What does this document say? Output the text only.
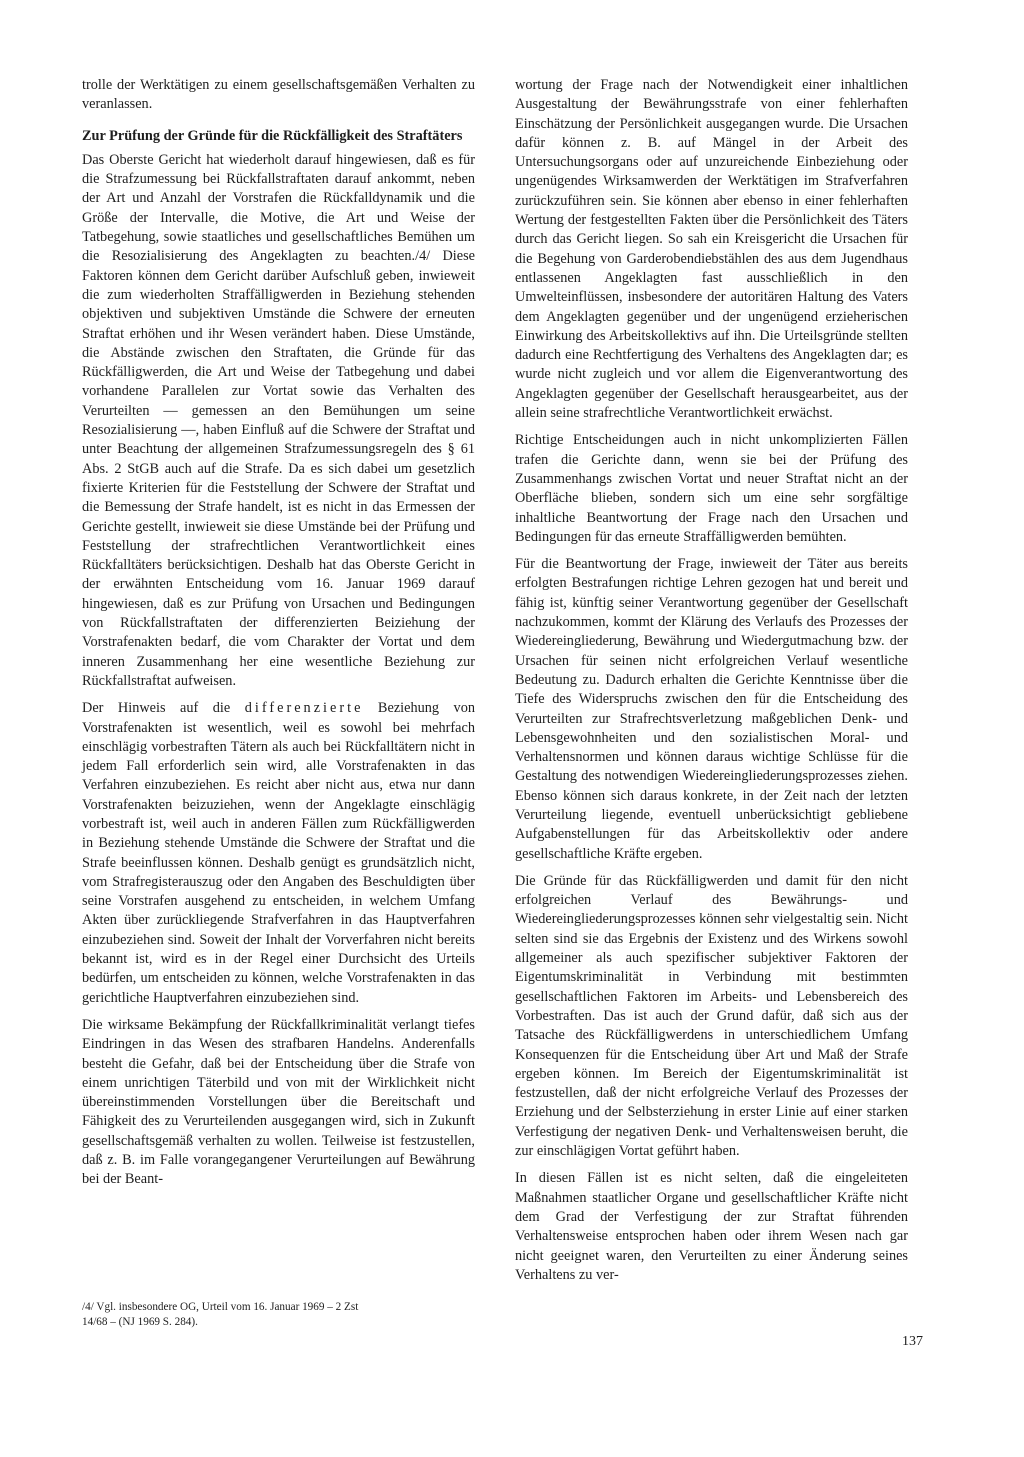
trolle der Werktätigen zu einem gesellschaftsgemäßen Verhalten zu veranlassen.

Zur Prüfung der Gründe für die Rückfälligkeit des Straftäters

Das Oberste Gericht hat wiederholt darauf hingewiesen, daß es für die Strafzumessung bei Rückfallstraftaten darauf ankommt, neben der Art und Anzahl der Vorstrafen die Rückfalldynamik und die Größe der Intervalle, die Motive, die Art und Weise der Tatbegehung, sowie staatliches und gesellschaftliches Bemühen um die Resozialisierung des Angeklagten zu beachten./4/ Diese Faktoren können dem Gericht darüber Aufschluß geben, inwieweit die zum wiederholten Straffälligwerden in Beziehung stehenden objektiven und subjektiven Umstände die Schwere der erneuten Straftat erhöhen und ihr Wesen verändert haben. Diese Umstände, die Abstände zwischen den Straftaten, die Gründe für das Rückfälligwerden, die Art und Weise der Tatbegehung und dabei vorhandene Parallelen zur Vortat sowie das Verhalten des Verurteilten — gemessen an den Bemühungen um seine Resozialisierung —, haben Einfluß auf die Schwere der Straftat und unter Beachtung der allgemeinen Strafzumessungsregeln des § 61 Abs. 2 StGB auch auf die Strafe. Da es sich dabei um gesetzlich fixierte Kriterien für die Feststellung der Schwere der Straftat und die Bemessung der Strafe handelt, ist es nicht in das Ermessen der Gerichte gestellt, inwieweit sie diese Umstände bei der Prüfung und Feststellung der strafrechtlichen Verantwortlichkeit eines Rückfalltäters berücksichtigen. Deshalb hat das Oberste Gericht in der erwähnten Entscheidung vom 16. Januar 1969 darauf hingewiesen, daß es zur Prüfung von Ursachen und Bedingungen von Rückfallstraftaten der differenzierten Beiziehung der Vorstrafenakten bedarf, die vom Charakter der Vortat und dem inneren Zusammenhang her eine wesentliche Beziehung zur Rückfallstraftat aufweisen.

Der Hinweis auf die differenzierte Beziehung von Vorstrafenakten ist wesentlich, weil es sowohl bei mehrfach einschlägig vorbestraften Tätern als auch bei Rückfalltätern nicht in jedem Fall erforderlich sein wird, alle Vorstrafenakten in das Verfahren einzubeziehen. Es reicht aber nicht aus, etwa nur dann Vorstrafenakten beizuziehen, wenn der Angeklagte einschlägig vorbestraft ist, weil auch in anderen Fällen zum Rückfälligwerden in Beziehung stehende Umstände die Schwere der Straftat und die Strafe beeinflussen können. Deshalb genügt es grundsätzlich nicht, vom Strafregisterauszug oder den Angaben des Beschuldigten über seine Vorstrafen ausgehend zu entscheiden, in welchem Umfang Akten über zurückliegende Strafverfahren in das Hauptverfahren einzubeziehen sind. Soweit der Inhalt der Vorverfahren nicht bereits bekannt ist, wird es in der Regel einer Durchsicht des Urteils bedürfen, um entscheiden zu können, welche Vorstrafenakten in das gerichtliche Hauptverfahren einzubeziehen sind.

Die wirksame Bekämpfung der Rückfallkriminalität verlangt tiefes Eindringen in das Wesen des strafbaren Handelns. Anderenfalls besteht die Gefahr, daß bei der Entscheidung über die Strafe von einem unrichtigen Täterbild und von mit der Wirklichkeit nicht übereinstimmenden Vorstellungen über die Bereitschaft und Fähigkeit des zu Verurteilenden ausgegangen wird, sich in Zukunft gesellschaftsgemäß verhalten zu wollen. Teilweise ist festzustellen, daß z. B. im Falle vorangegangener Verurteilungen auf Bewährung bei der Beant-

wortung der Frage nach der Notwendigkeit einer inhaltlichen Ausgestaltung der Bewährungsstrafe von einer fehlerhaften Einschätzung der Persönlichkeit ausgegangen wurde. Die Ursachen dafür können z. B. auf Mängel in der Arbeit des Untersuchungsorgans oder auf unzureichende Einbeziehung oder ungenügendes Wirksamwerden der Werktätigen im Strafverfahren zurückzuführen sein. Sie können aber ebenso in einer fehlerhaften Wertung der festgestellten Fakten über die Persönlichkeit des Täters durch das Gericht liegen. So sah ein Kreisgericht die Ursachen für die Begehung von Garderobendiebstählen des aus dem Jugendhaus entlassenen Angeklagten fast ausschließlich in den Umwelteinflüssen, insbesondere der autoritären Haltung des Vaters dem Angeklagten gegenüber und der ungenügend erzieherischen Einwirkung des Arbeitskollektivs auf ihn. Die Urteilsgründe stellten dadurch eine Rechtfertigung des Verhaltens des Angeklagten dar; es wurde nicht zugleich und vor allem die Eigenverantwortung des Angeklagten gegenüber der Gesellschaft herausgearbeitet, aus der allein seine strafrechtliche Verantwortlichkeit erwächst.

Richtige Entscheidungen auch in nicht unkomplizierten Fällen trafen die Gerichte dann, wenn sie bei der Prüfung des Zusammenhangs zwischen Vortat und neuer Straftat nicht an der Oberfläche blieben, sondern sich um eine sehr sorgfältige inhaltliche Beantwortung der Frage nach den Ursachen und Bedingungen für das erneute Straffälligwerden bemühten.

Für die Beantwortung der Frage, inwieweit der Täter aus bereits erfolgten Bestrafungen richtige Lehren gezogen hat und bereit und fähig ist, künftig seiner Verantwortung gegenüber der Gesellschaft nachzukommen, kommt der Klärung des Verlaufs des Prozesses der Wiedereingliederung, Bewährung und Wiedergutmachung bzw. der Ursachen für seinen nicht erfolgreichen Verlauf wesentliche Bedeutung zu. Dadurch erhalten die Gerichte Kenntnisse über die Tiefe des Widerspruchs zwischen den für die Entscheidung des Verurteilten zur Strafrechtsverletzung maßgeblichen Denk- und Lebensgewohnheiten und den sozialistischen Moral- und Verhaltensnormen und können daraus wichtige Schlüsse für die Gestaltung des notwendigen Wiedereingliederungsprozesses ziehen. Ebenso können sich daraus konkrete, in der Zeit nach der letzten Verurteilung liegende, eventuell unberücksichtigt gebliebene Aufgabenstellungen für das Arbeitskollektiv oder andere gesellschaftliche Kräfte ergeben.

Die Gründe für das Rückfälligwerden und damit für den nicht erfolgreichen Verlauf des Bewährungs- und Wiedereingliederungsprozesses können sehr vielgestaltig sein. Nicht selten sind sie das Ergebnis der Existenz und des Wirkens sowohl allgemeiner als auch spezifischer subjektiver Faktoren der Eigentumskriminalität in Verbindung mit bestimmten gesellschaftlichen Faktoren im Arbeits- und Lebensbereich des Vorbestraften. Das ist auch der Grund dafür, daß sich aus der Tatsache des Rückfälligwerdens in unterschiedlichem Umfang Konsequenzen für die Entscheidung über Art und Maß der Strafe ergeben können. Im Bereich der Eigentumskriminalität ist festzustellen, daß der nicht erfolgreiche Verlauf des Prozesses der Erziehung und der Selbsterziehung in erster Linie auf einer starken Verfestigung der negativen Denk- und Verhaltensweisen beruht, die zur einschlägigen Vortat geführt haben.

In diesen Fällen ist es nicht selten, daß die eingeleiteten Maßnahmen staatlicher Organe und gesellschaftlicher Kräfte nicht dem Grad der Verfestigung der zur Straftat führenden Verhaltensweise entsprochen haben oder ihrem Wesen nach gar nicht geeignet waren, den Verurteilten zu einer Änderung seines Verhaltens zu ver-

/4/ Vgl. insbesondere OG, Urteil vom 16. Januar 1969 – 2 Zst
14/68 – (NJ 1969 S. 284).
137
